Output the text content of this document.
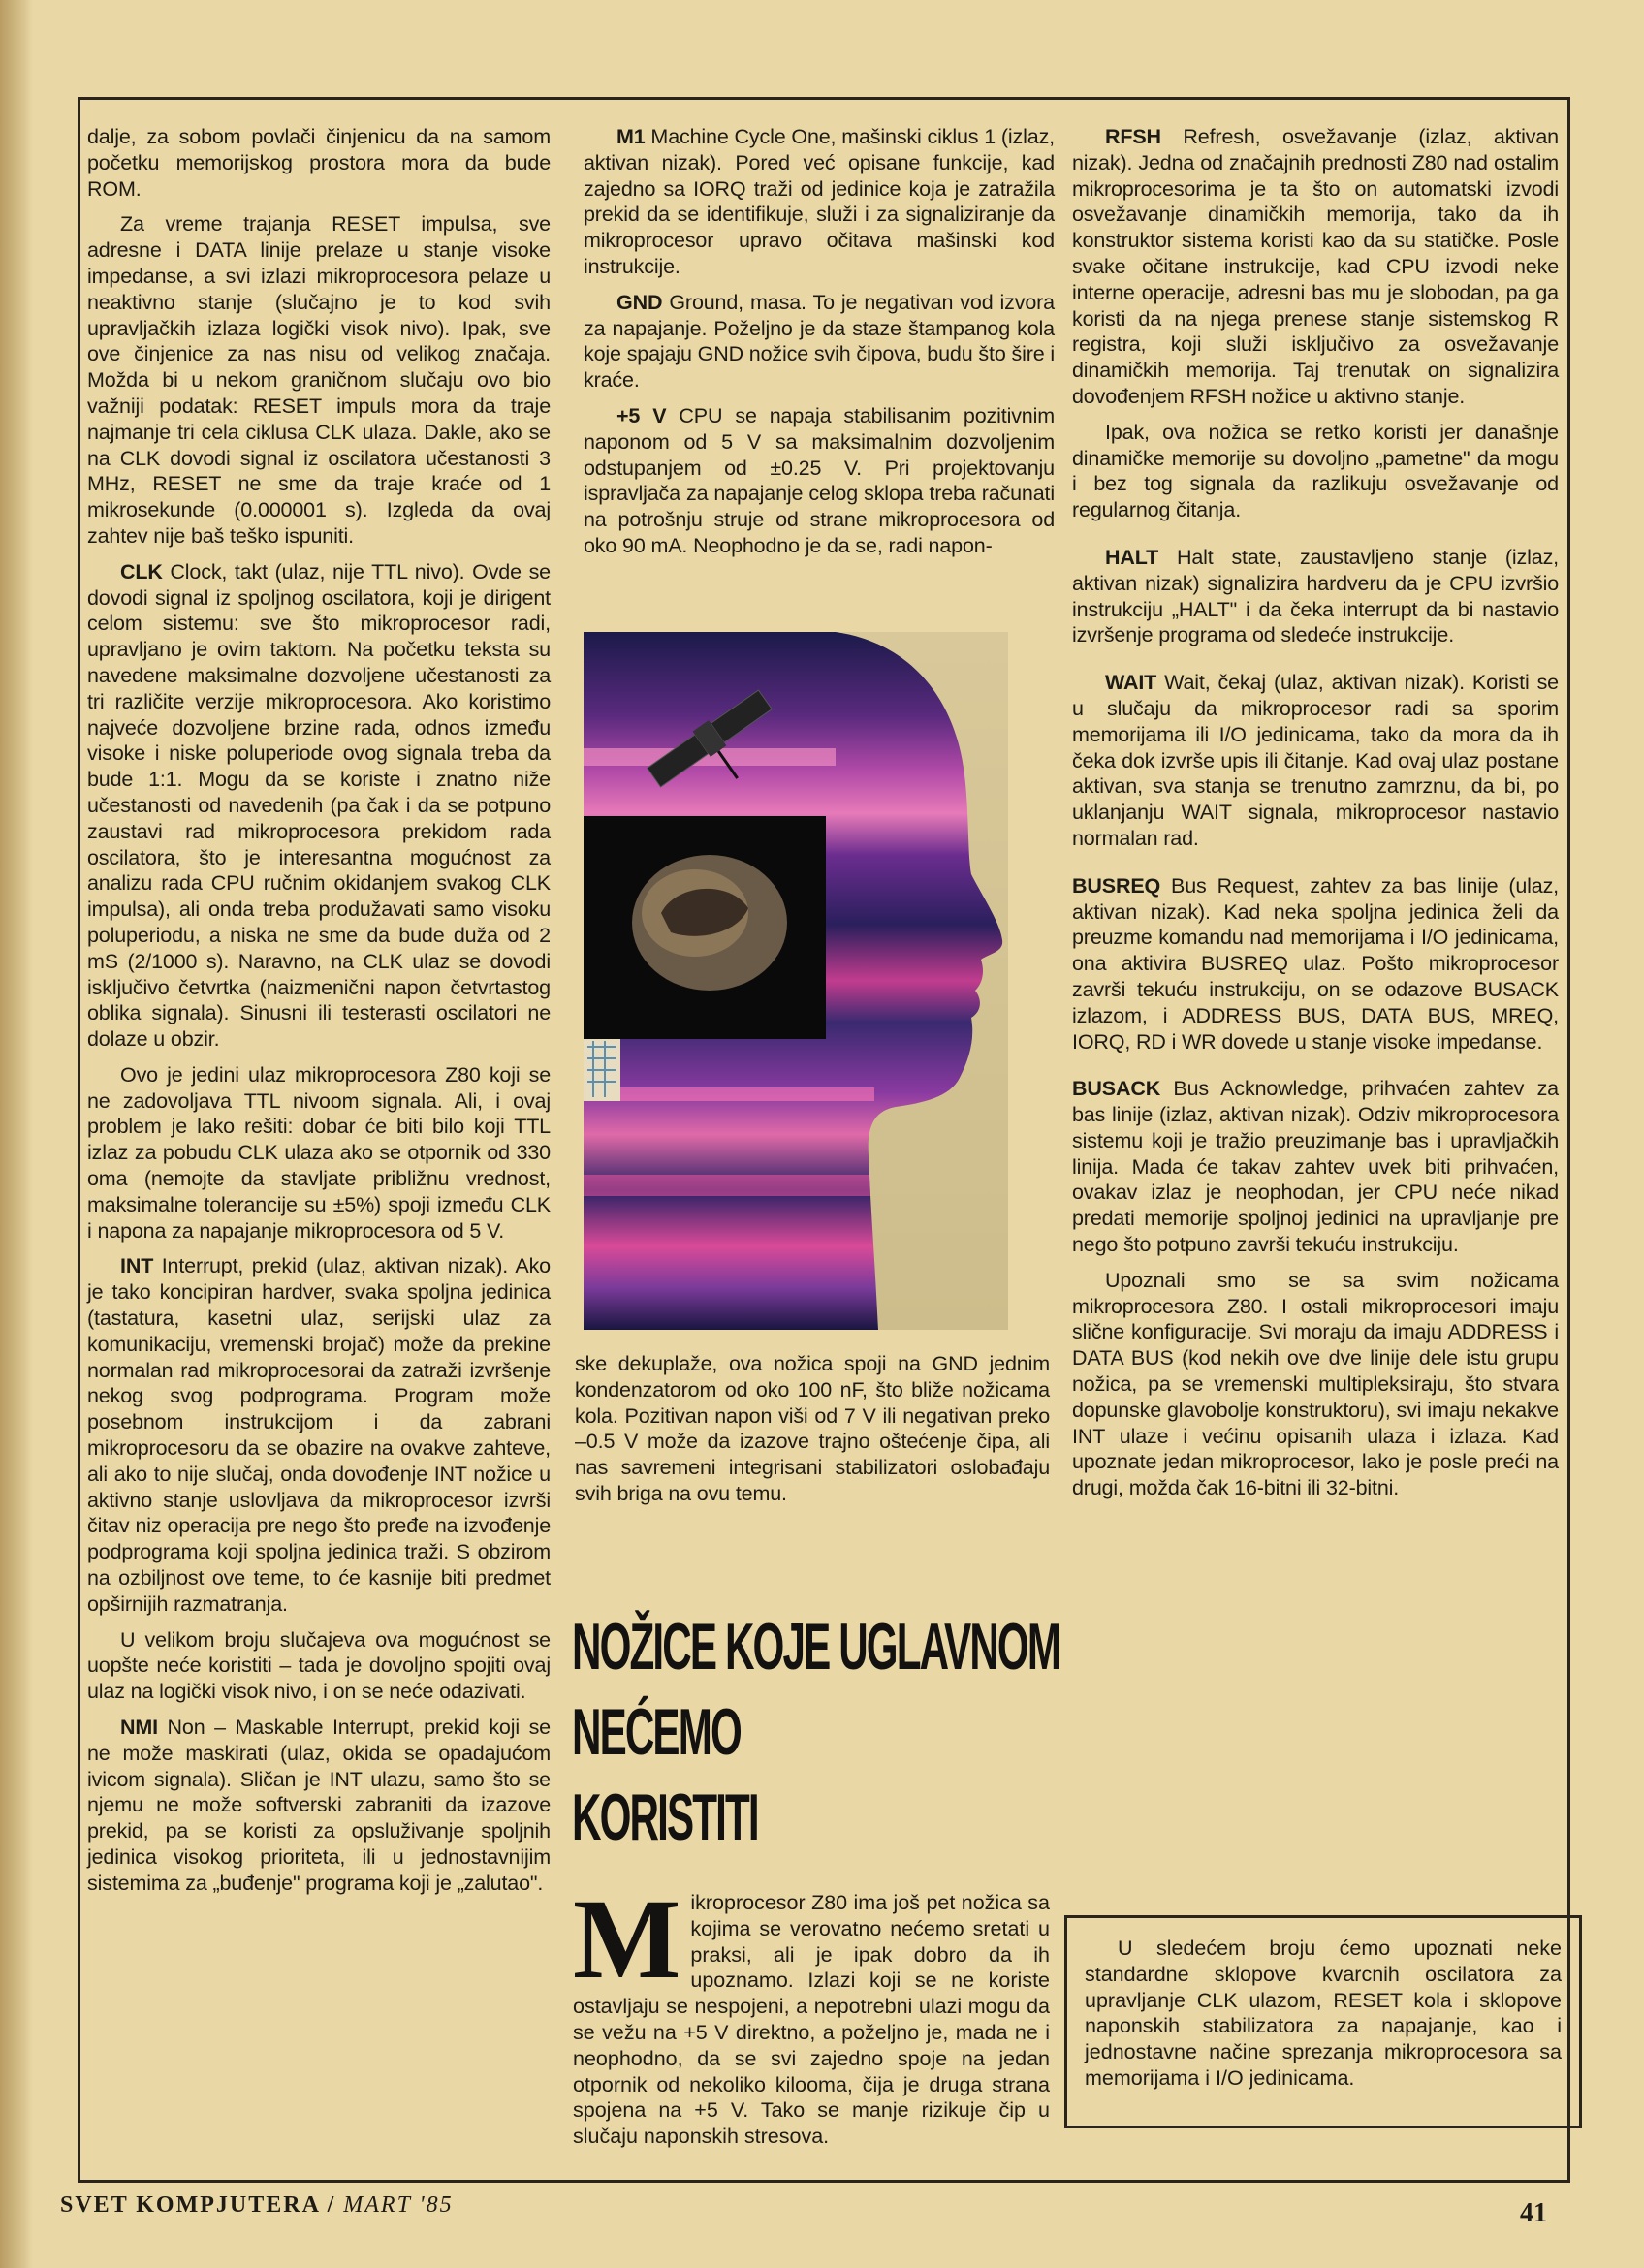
dalje, za sobom povlači činjenicu da na samom početku memorijskog prostora mora da bude ROM.

Za vreme trajanja RESET impulsa, sve adresne i DATA linije prelaze u stanje visoke impedanse, a svi izlazi mikroprocesora pelaze u neaktivno stanje (slučajno je to kod svih upravljačkih izlaza logički visok nivo). Ipak, sve ove činjenice za nas nisu od velikog značaja. Možda bi u nekom graničnom slučaju ovo bio važniji podatak: RESET impuls mora da traje najmanje tri cela ciklusa CLK ulaza. Dakle, ako se na CLK dovodi signal iz oscilatora učestanosti 3 MHz, RESET ne sme da traje kraće od 1 mikrosekunde (0.000001 s). Izgleda da ovaj zahtev nije baš teško ispuniti.

CLK Clock, takt (ulaz, nije TTL nivo). Ovde se dovodi signal iz spoljnog oscilatora, koji je dirigent celom sistemu: sve što mikroprocesor radi, upravljano je ovim taktom. Na početku teksta su navedene maksimalne dozvoljene učestanosti za tri različite verzije mikroprocesora. Ako koristimo najveće dozvoljene brzine rada, odnos između visoke i niske poluperiode ovog signala treba da bude 1:1. Mogu da se koriste i znatno niže učestanosti od navedenih (pa čak i da se potpuno zaustavi rad mikroprocesora prekidom rada oscilatora, što je interesantna mogućnost za analizu rada CPU ručnim okidanjem svakog CLK impulsa), ali onda treba produžavati samo visoku poluperiodu, a niska ne sme da bude duža od 2 mS (2/1000 s). Naravno, na CLK ulaz se dovodi isključivo četvrtka (naizmenični napon četvrtastog oblika signala). Sinusni ili testerasti oscilatori ne dolaze u obzir.

Ovo je jedini ulaz mikroprocesora Z80 koji se ne zadovoljava TTL nivoom signala. Ali, i ovaj problem je lako rešiti: dobar će biti bilo koji TTL izlaz za pobudu CLK ulaza ako se otpornik od 330 oma (nemojte da stavljate približnu vrednost, maksimalne tolerancije su ±5%) spoji između CLK i napona za napajanje mikroprocesora od 5 V.

INT Interrupt, prekid (ulaz, aktivan nizak). Ako je tako koncipiran hardver, svaka spoljna jedinica (tastatura, kasetni ulaz, serijski ulaz za komunikaciju, vremenski brojač) može da prekine normalan rad mikroprocesorai da zatraži izvršenje nekog svog podprograma. Program može posebnom instrukcijom i da zabrani mikroprocesoru da se obazire na ovakve zahteve, ali ako to nije slučaj, onda dovođenje INT nožice u aktivno stanje uslovljava da mikroprocesor izvrši čitav niz operacija pre nego što pređe na izvođenje podprograma koji spoljna jedinica traži. S obzirom na ozbiljnost ove teme, to će kasnije biti predmet opširnijih razmatranja.

U velikom broju slučajeva ova mogućnost se uopšte neće koristiti – tada je dovoljno spojiti ovaj ulaz na logički visok nivo, i on se neće odazivati.

NMI Non – Maskable Interrupt, prekid koji se ne može maskirati (ulaz, okida se opadajućom ivicom signala). Sličan je INT ulazu, samo što se njemu ne može softverski zabraniti da izazove prekid, pa se koristi za opsluživanje spoljnih jedinica visokog prioriteta, ili u jednostavnijim sistemima za „buđenje" programa koji je „zalutao".

M1 Machine Cycle One, mašinski ciklus 1 (izlaz, aktivan nizak). Pored već opisane funkcije, kad zajedno sa IORQ traži od jedinice koja je zatražila prekid da se identifikuje, služi i za signaliziranje da mikroprocesor upravo očitava mašinski kod instrukcije.

GND Ground, masa. To je negativan vod izvora za napajanje. Poželjno je da staze štampanog kola koje spajaju GND nožice svih čipova, budu što šire i kraće.

+5 V CPU se napaja stabilisanim pozitivnim naponom od 5 V sa maksimalnim dozvoljenim odstupanjem od ±0.25 V. Pri projektovanju ispravljača za napajanje celog sklopa treba računati na potrošnju struje od strane mikroprocesora od oko 90 mA. Neophodno je da se, radi napon-

ske dekuplaže, ova nožica spoji na GND jednim kondenzatorom od oko 100 nF, što bliže nožicama kola. Pozitivan napon viši od 7 V ili negativan preko –0.5 V može da izazove trajno oštećenje čipa, ali nas savremeni integrisani stabilizatori oslobađaju svih briga na ovu temu.

NOŽICE KOJE UGLAVNOM
NEĆEMO
KORISTITI
Mikroprocesor Z80 ima još pet nožica sa kojima se verovatno nećemo sretati u praksi, ali je ipak dobro da ih upoznamo. Izlazi koji se ne koriste ostavljaju se nespojeni, a nepotrebni ulazi mogu da se vežu na +5 V direktno, a poželjno je, mada ne i neophodno, da se svi zajedno spoje na jedan otpornik od nekoliko kilooma, čija je druga strana spojena na +5 V. Tako se manje rizikuje čip u slučaju naponskih stresova.

RFSH Refresh, osvežavanje (izlaz, aktivan nizak). Jedna od značajnih prednosti Z80 nad ostalim mikroprocesorima je ta što on automatski izvodi osvežavanje dinamičkih memorija, tako da ih konstruktor sistema koristi kao da su statičke. Posle svake očitane instrukcije, kad CPU izvodi neke interne operacije, adresni bas mu je slobodan, pa ga koristi da na njega prenese stanje sistemskog R registra, koji služi isključivo za osvežavanje dinamičkih memorija. Taj trenutak on signalizira dovođenjem RFSH nožice u aktivno stanje.

Ipak, ova nožica se retko koristi jer današnje dinamičke memorije su dovoljno „pametne" da mogu i bez tog signala da razlikuju osvežavanje od regularnog čitanja.

HALT Halt state, zaustavljeno stanje (izlaz, aktivan nizak) signalizira hardveru da je CPU izvršio instrukciju „HALT" i da čeka interrupt da bi nastavio izvršenje programa od sledeće instrukcije.

WAIT Wait, čekaj (ulaz, aktivan nizak). Koristi se u slučaju da mikroprocesor radi sa sporim memorijama ili I/O jedinicama, tako da mora da ih čeka dok izvrše upis ili čitanje. Kad ovaj ulaz postane aktivan, sva stanja se trenutno zamrznu, da bi, po uklanjanju WAIT signala, mikroprocesor nastavio normalan rad.

BUSREQ Bus Request, zahtev za bas linije (ulaz, aktivan nizak). Kad neka spoljna jedinica želi da preuzme komandu nad memorijama i I/O jedinicama, ona aktivira BUSREQ ulaz. Pošto mikroprocesor završi tekuću instrukciju, on se odazove BUSACK izlazom, i ADDRESS BUS, DATA BUS, MREQ, IORQ, RD i WR dovede u stanje visoke impedanse.

BUSACK Bus Acknowledge, prihvaćen zahtev za bas linije (izlaz, aktivan nizak). Odziv mikroprocesora sistemu koji je tražio preuzimanje bas i upravljačkih linija. Mada će takav zahtev uvek biti prihvaćen, ovakav izlaz je neophodan, jer CPU neće nikad predati memorije spoljnoj jedinici na upravljanje pre nego što potpuno završi tekuću instrukciju.

Upoznali smo se sa svim nožicama mikroprocesora Z80. I ostali mikroprocesori imaju slične konfiguracije. Svi moraju da imaju ADDRESS i DATA BUS (kod nekih ove dve linije dele istu grupu nožica, pa se vremenski multipleksiraju, što stvara dopunske glavobolje konstruktoru), svi imaju nekakve INT ulaze i većinu opisanih ulaza i izlaza. Kad upoznate jedan mikroprocesor, lako je posle preći na drugi, možda čak 16-bitni ili 32-bitni.

U sledećem broju ćemo upoznati neke standardne sklopove kvarcnih oscilatora za upravljanje CLK ulazom, RESET kola i sklopove naponskih stabilizatora za napajanje, kao i jednostavne načine sprezanja mikroprocesora sa memorijama i I/O jedinicama.

SVET KOMPJUTERA / MART '85	41
